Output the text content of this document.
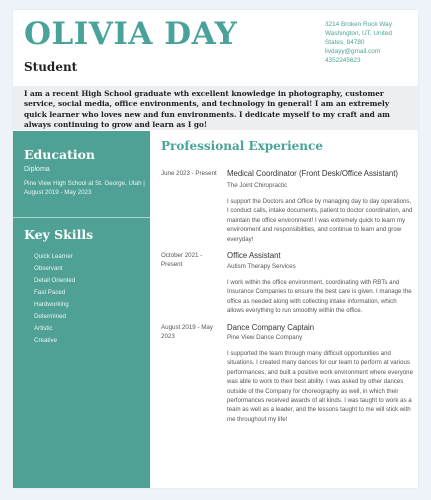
OLIVIA DAY
Student
3214 Broken Rock Way
Washington, UT, United
States, 84780
livdayy@gmail.com
4352245623

I am a recent High School graduate wth excellent knowledge in photography, customer service, social media, office environments, and technology in general! I am an extremely quick learner who loves new and fun environments. I dedicate myself to my craft and am always continuing to grow and learn as I go!

Education
Diploma
Pine View High School at St. George, Utah | August 2019 - May 2023
Key Skills
Quick Learner
Observant
Detail Oriented
Fast Paced
Hardworking
Determined
Artistic
Creative
Professional Experience
June 2023 - Present	Medical Coordinator (Front Desk/Office Assistant)
The Joint Chiropractic

I support the Doctors and Office by managing day to day operations, I conduct calls, intake documents, patient to doctor coordination, and maintain the office environment! I was extremely quick to learn my environment and responsibilities, and continue to learn and grow everyday!

October 2021 - Present
Office Assistant
Autism Therapy Services

I work within the office environment, coordinating with RBTs and Insurance Companies to ensure the best care is given. I manage the office as needed along with collecting intake information, which allows everything to run smoothly within the office.

August 2019 - May 2023
Dance Company Captain
Pine View Dance Company

I supported the team through many difficult opportunities and situations. I created many dances for our team to perform at various performances, and built a positive work environment where everyone was able to work to their best ability. I was asked by other dances outside of the Company for choreography as well, in which their performances received awards of all kinds. I was taught to work as a team as well as a leader, and the lessons taught to me will stick with me throughout my life!
